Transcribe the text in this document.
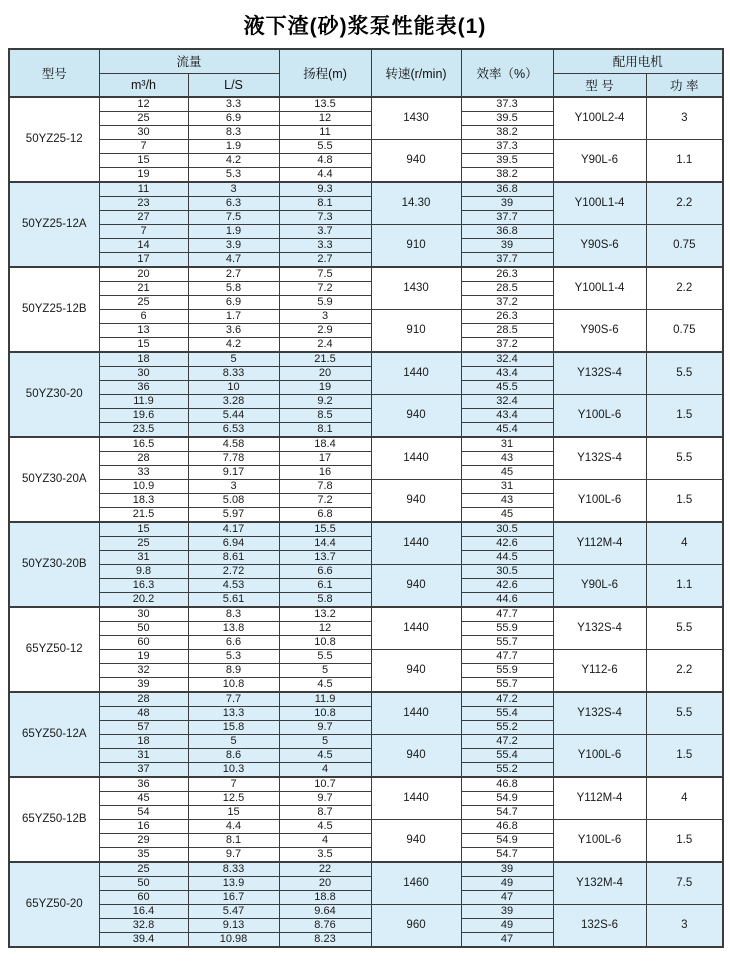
液下渣(砂)浆泵性能表(1)
型号	流量		扬程(m)	转速(r/min)	效率（%）	配用电机	
	m³/h	L/S				型 号	功 率
50YZ25-12	12	3.3	13.5	1430	37.3	Y100L2-4	3
	25	6.9	12		39.5		
	30	8.3	11		38.2		
	7	1.9	5.5	940	37.3	Y90L-6	1.1
	15	4.2	4.8		39.5		
	19	5.3	4.4		38.2		
50YZ25-12A	11	3	9.3	14.30	36.8	Y100L1-4	2.2
	23	6.3	8.1		39		
	27	7.5	7.3		37.7		
	7	1.9	3.7	910	36.8	Y90S-6	0.75
	14	3.9	3.3		39		
	17	4.7	2.7		37.7		
50YZ25-12B	20	2.7	7.5	1430	26.3	Y100L1-4	2.2
	21	5.8	7.2		28.5		
	25	6.9	5.9		37.2		
	6	1.7	3	910	26.3	Y90S-6	0.75
	13	3.6	2.9		28.5		
	15	4.2	2.4		37.2		
50YZ30-20	18	5	21.5	1440	32.4	Y132S-4	5.5
	30	8.33	20		43.4		
	36	10	19		45.5		
	11.9	3.28	9.2	940	32.4	Y100L-6	1.5
	19.6	5.44	8.5		43.4		
	23.5	6.53	8.1		45.4		
50YZ30-20A	16.5	4.58	18.4	1440	31	Y132S-4	5.5
	28	7.78	17		43		
	33	9.17	16		45		
	10.9	3	7.8	940	31	Y100L-6	1.5
	18.3	5.08	7.2		43		
	21.5	5.97	6.8		45		
50YZ30-20B	15	4.17	15.5	1440	30.5	Y112M-4	4
	25	6.94	14.4		42.6		
	31	8.61	13.7		44.5		
	9.8	2.72	6.6	940	30.5	Y90L-6	1.1
	16.3	4.53	6.1		42.6		
	20.2	5.61	5.8		44.6		
65YZ50-12	30	8.3	13.2	1440	47.7	Y132S-4	5.5
	50	13.8	12		55.9		
	60	6.6	10.8		55.7		
	19	5.3	5.5	940	47.7	Y112-6	2.2
	32	8.9	5		55.9		
	39	10.8	4.5		55.7		
65YZ50-12A	28	7.7	11.9	1440	47.2	Y132S-4	5.5
	48	13.3	10.8		55.4		
	57	15.8	9.7		55.2		
	18	5	5	940	47.2	Y100L-6	1.5
	31	8.6	4.5		55.4		
	37	10.3	4		55.2		
65YZ50-12B	36	7	10.7	1440	46.8	Y112M-4	4
	45	12.5	9.7		54.9		
	54	15	8.7		54.7		
	16	4.4	4.5	940	46.8	Y100L-6	1.5
	29	8.1	4		54.9		
	35	9.7	3.5		54.7		
65YZ50-20	25	8.33	22	1460	39	Y132M-4	7.5
	50	13.9	20		49		
	60	16.7	18.8		47		
	16.4	5.47	9.64	960	39	132S-6	3
	32.8	9.13	8.76		49		
	39.4	10.98	8.23		47		
